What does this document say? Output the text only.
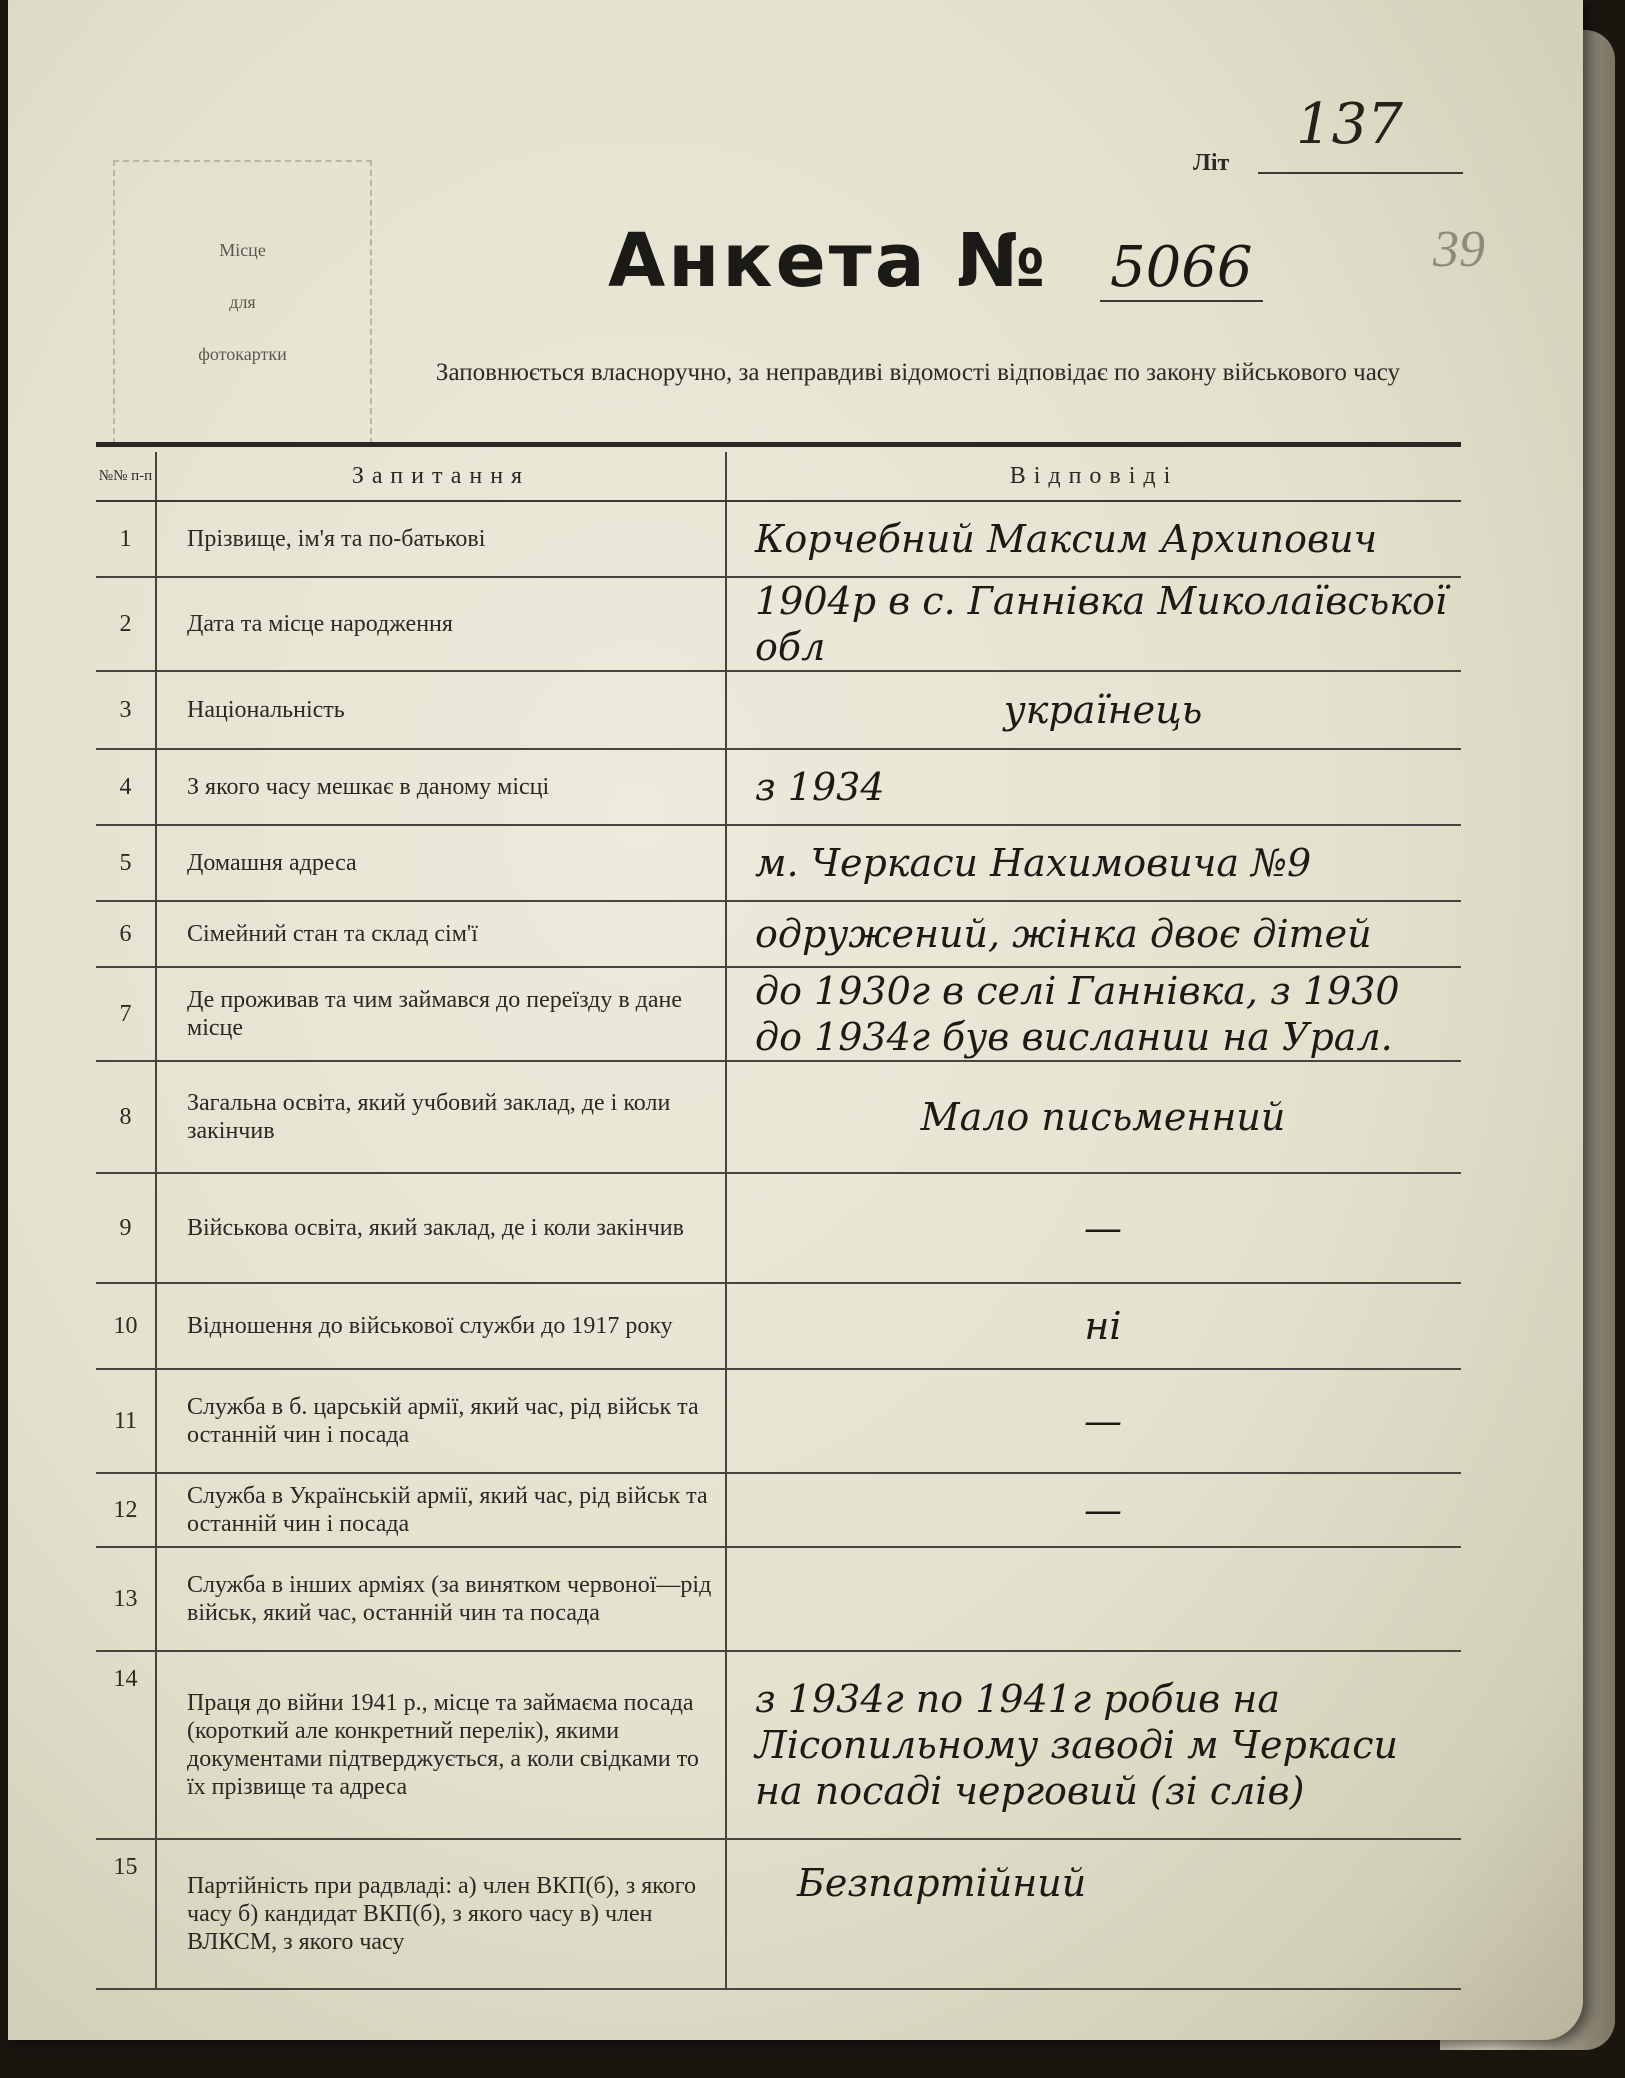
Місце
для
фотокартки
137
Літ
39
Анкета № 5066
Заповнюється власноручно, за неправдиві відомості відповідає по закону військового часу
№№ п-п	Запитання	Відповіді
1	Прізвище, ім'я та по-батькові	Корчебний Максим Архипович
2	Дата та місце народження	1904р в с. Ганнівка Миколаївської обл
3	Національність	українець
4	З якого часу мешкає в даному місці	з 1934
5	Домашня адреса	м. Черкаси Нахимовича №9
6	Сімейний стан та склад сім'ї	одружений, жінка двоє дітей
7	Де проживав та чим займався до переїзду в дане місце	до 1930г в селі Ганнівка, з 1930 до 1934г був вислании на Урал.
8	Загальна освіта, який учбовий заклад, де і коли закінчив	Мало письменний
9	Військова освіта, який заклад, де і коли закінчив	—
10	Відношення до військової служби до 1917 року	ні
11	Служба в б. царській армії, який час, рід військ та останній чин і посада	—
12	Служба в Українській армії, який час, рід військ та останній чин і посада	—
13	Служба в інших арміях (за винятком червоної—рід військ, який час, останній чин та посада	
14	Праця до війни 1941 р., місце та займаєма посада (короткий але конкретний перелік), якими документами підтверджується, а коли свідками то їх прізвище та адреса	з 1934г по 1941г робив на Лісопильному заводі м Черкаси на посаді черговий (зі слів)
15	Партійність при радвладі: а) член ВКП(б), з якого часу б) кандидат ВКП(б), з якого часу в) член ВЛКСМ, з якого часу	Безпартійний
